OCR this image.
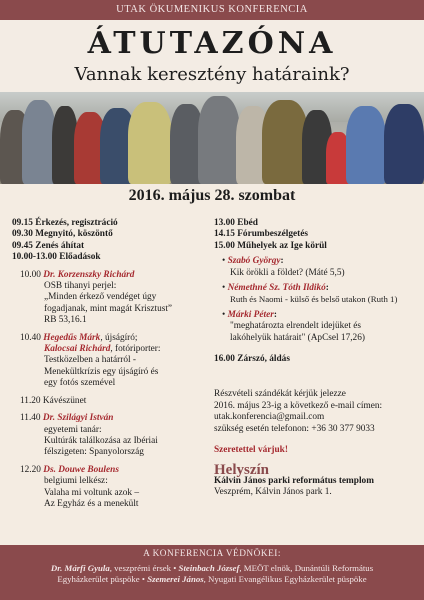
UTAK ÖKUMENIKUS KONFERENCIA
ÁTUTAZÓNA
Vannak keresztény határaink?
2016. május 28. szombat
09.15 Érkezés, regisztráció
09.30 Megnyitó, köszöntő
09.45 Zenés áhítat
10.00-13.00 Előadások
10.00 Dr. Korzenszky Richárd
OSB tihanyi perjel:
„Minden érkező vendéget úgy
fogadjanak, mint magát Krisztust”
RB 53,16.1
10.40 Hegedűs Márk, újságíró;
Kalocsai Richárd, fotóriporter:
Testközelben a határról -
Menekültkrízis egy újságíró és
egy fotós szemével
11.20 Kávészünet
11.40 Dr. Szilágyi István
egyetemi tanár:
Kultúrák találkozása az Ibériai
félszigeten: Spanyolország
12.20 Ds. Douwe Boulens
belgiumi lelkész:
Valaha mi voltunk azok –
Az Egyház és a menekült
13.00 Ebéd
14.15 Fórumbeszélgetés
15.00 Műhelyek az Ige körül
• Szabó György:
Kik örökli a földet? (Máté 5,5)
• Némethné Sz. Tóth Ildikó:
Ruth és Naomi - külső és belső utakon (Ruth 1)
• Márki Péter:
"meghatározta elrendelt idejüket és
lakóhelyük határait" (ApCsel 17,26)
16.00 Zárszó, áldás
Részvételi szándékát kérjük jelezze
2016. május 23-ig a következő e-mail címen:
utak.konferencia@gmail.com
szükség esetén telefonon: +36 30 377 9033
Szeretettel várjuk!
Helyszín
Kálvin János parki református templom
Veszprém, Kálvin János park 1.
A KONFERENCIA VÉDNÖKEI:
Dr. Márfi Gyula, veszprémi érsek • Steinbach József, MEÖT elnök, Dunántúli Református
Egyházkerület püspöke • Szemerei János, Nyugati Evangélikus Egyházkerület püspöke
